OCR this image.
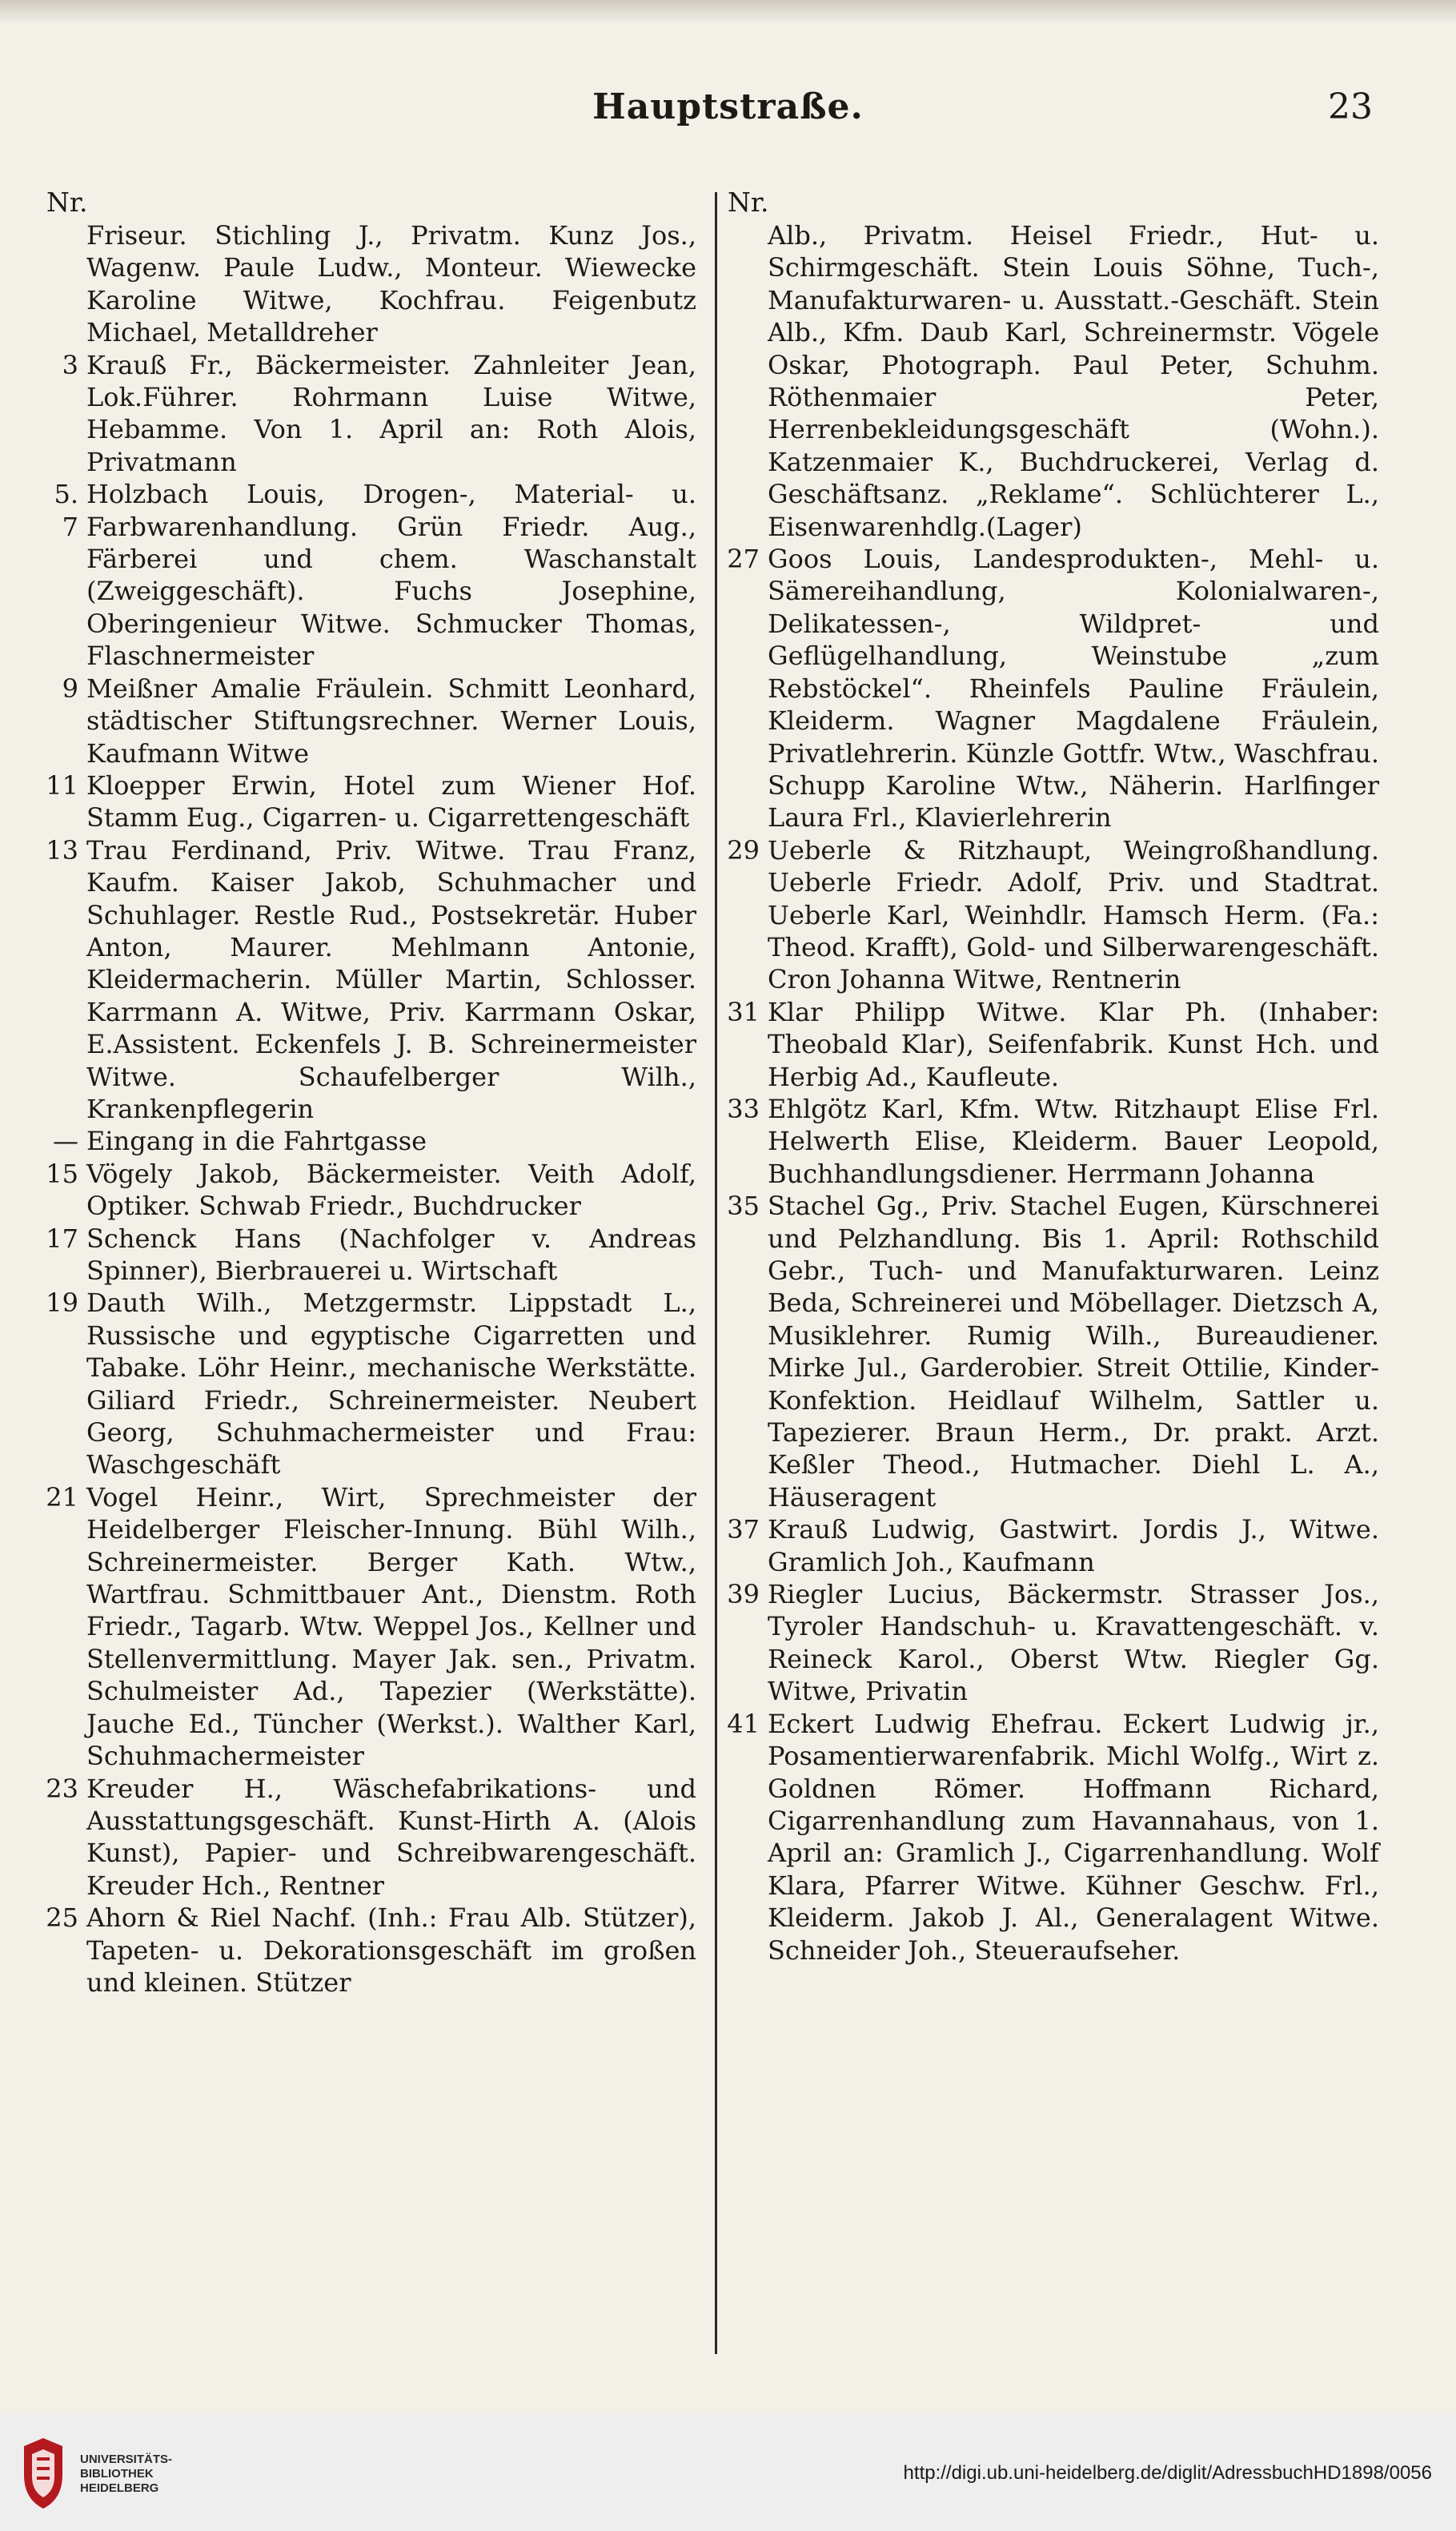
Hauptstraße.	23
Nr.
Friseur. Stichling J., Privatm. Kunz Jos., Wagenw. Paule Ludw., Monteur. Wiewecke Karoline Witwe, Kochfrau. Feigenbutz Michael, Metalldreher
3 Krauß Fr., Bäckermeister. Zahnleiter Jean, Lok.Führer. Rohrmann Luise Witwe, Hebamme. Von 1. April an: Roth Alois, Privatmann
5. 7
Holzbach Louis, Drogen-, Material- u. Farbwarenhandlung. Grün Friedr. Aug., Färberei und chem. Waschanstalt (Zweiggeschäft). Fuchs Josephine, Oberingenieur Witwe. Schmucker Thomas, Flaschnermeister
9 Meißner Amalie Fräulein. Schmitt Leonhard, städtischer Stiftungsrechner. Werner Louis, Kaufmann Witwe
11 Kloepper Erwin, Hotel zum Wiener Hof. Stamm Eug., Cigarren- u. Cigarrettengeschäft
13 Trau Ferdinand, Priv. Witwe. Trau Franz, Kaufm. Kaiser Jakob, Schuhmacher und Schuhlager. Restle Rud., Postsekretär. Huber Anton, Maurer. Mehlmann Antonie, Kleidermacherin. Müller Martin, Schlosser. Karrmann A. Witwe, Priv. Karrmann Oskar, E.Assistent. Eckenfels J. B. Schreinermeister Witwe. Schaufelberger Wilh., Krankenpflegerin
— Eingang in die Fahrtgasse
15 Vögely Jakob, Bäckermeister. Veith Adolf, Optiker. Schwab Friedr., Buchdrucker
17 Schenck Hans (Nachfolger v. Andreas Spinner), Bierbrauerei u. Wirtschaft
19 Dauth Wilh., Metzgermstr. Lippstadt L., Russische und egyptische Cigarretten und Tabake. Löhr Heinr., mechanische Werkstätte. Giliard Friedr., Schreinermeister. Neubert Georg, Schuhmachermeister und Frau: Waschgeschäft
21 Vogel Heinr., Wirt, Sprechmeister der Heidelberger Fleischer-Innung. Bühl Wilh., Schreinermeister. Berger Kath. Wtw., Wartfrau. Schmittbauer Ant., Dienstm. Roth Friedr., Tagarb. Wtw. Weppel Jos., Kellner und Stellenvermittlung. Mayer Jak. sen., Privatm. Schulmeister Ad., Tapezier (Werkstätte). Jauche Ed., Tüncher (Werkst.). Walther Karl, Schuhmachermeister
23 Kreuder H., Wäschefabrikations- und Ausstattungsgeschäft. Kunst-Hirth A. (Alois Kunst), Papier- und Schreibwarengeschäft. Kreuder Hch., Rentner
25 Ahorn & Riel Nachf. (Inh.: Frau Alb. Stützer), Tapeten- u. Dekorationsgeschäft im großen und kleinen. Stützer
Nr.
Alb., Privatm. Heisel Friedr., Hut- u. Schirmgeschäft. Stein Louis Söhne, Tuch-, Manufakturwaren- u. Ausstatt.-Geschäft. Stein Alb., Kfm. Daub Karl, Schreinermstr. Vögele Oskar, Photograph. Paul Peter, Schuhm. Röthenmaier Peter, Herrenbekleidungsgeschäft (Wohn.). Katzenmaier K., Buchdruckerei, Verlag d. Geschäftsanz. „Reklame“. Schlüchterer L., Eisenwarenhdlg.(Lager)
27 Goos Louis, Landesprodukten-, Mehl- u. Sämereihandlung, Kolonialwaren-, Delikatessen-, Wildpret- und Geflügelhandlung, Weinstube „zum Rebstöckel“. Rheinfels Pauline Fräulein, Kleiderm. Wagner Magdalene Fräulein, Privatlehrerin. Künzle Gottfr. Wtw., Waschfrau. Schupp Karoline Wtw., Näherin. Harlfinger Laura Frl., Klavierlehrerin
29 Ueberle & Ritzhaupt, Weingroßhandlung. Ueberle Friedr. Adolf, Priv. und Stadtrat. Ueberle Karl, Weinhdlr. Hamsch Herm. (Fa.: Theod. Krafft), Gold- und Silberwarengeschäft. Cron Johanna Witwe, Rentnerin
31 Klar Philipp Witwe. Klar Ph. (Inhaber: Theobald Klar), Seifenfabrik. Kunst Hch. und Herbig Ad., Kaufleute.
33 Ehlgötz Karl, Kfm. Wtw. Ritzhaupt Elise Frl. Helwerth Elise, Kleiderm. Bauer Leopold, Buchhandlungsdiener. Herrmann Johanna
35 Stachel Gg., Priv. Stachel Eugen, Kürschnerei und Pelzhandlung. Bis 1. April: Rothschild Gebr., Tuch- und Manufakturwaren. Leinz Beda, Schreinerei und Möbellager. Dietzsch A, Musiklehrer. Rumig Wilh., Bureaudiener. Mirke Jul., Garderobier. Streit Ottilie, Kinder-Konfektion. Heidlauf Wilhelm, Sattler u. Tapezierer. Braun Herm., Dr. prakt. Arzt. Keßler Theod., Hutmacher. Diehl L. A., Häuseragent
37 Krauß Ludwig, Gastwirt. Jordis J., Witwe. Gramlich Joh., Kaufmann
39 Riegler Lucius, Bäckermstr. Strasser Jos., Tyroler Handschuh- u. Kravattengeschäft. v. Reineck Karol., Oberst Wtw. Riegler Gg. Witwe, Privatin
41 Eckert Ludwig Ehefrau. Eckert Ludwig jr., Posamentierwarenfabrik. Michl Wolfg., Wirt z. Goldnen Römer. Hoffmann Richard, Cigarrenhandlung zum Havannahaus, von 1. April an: Gramlich J., Cigarrenhandlung. Wolf Klara, Pfarrer Witwe. Kühner Geschw. Frl., Kleiderm. Jakob J. Al., Generalagent Witwe. Schneider Joh., Steueraufseher.
UNIVERSITÄTS-
BIBLIOTHEK
HEIDELBERG
http://digi.ub.uni-heidelberg.de/diglit/AdressbuchHD1898/0056
